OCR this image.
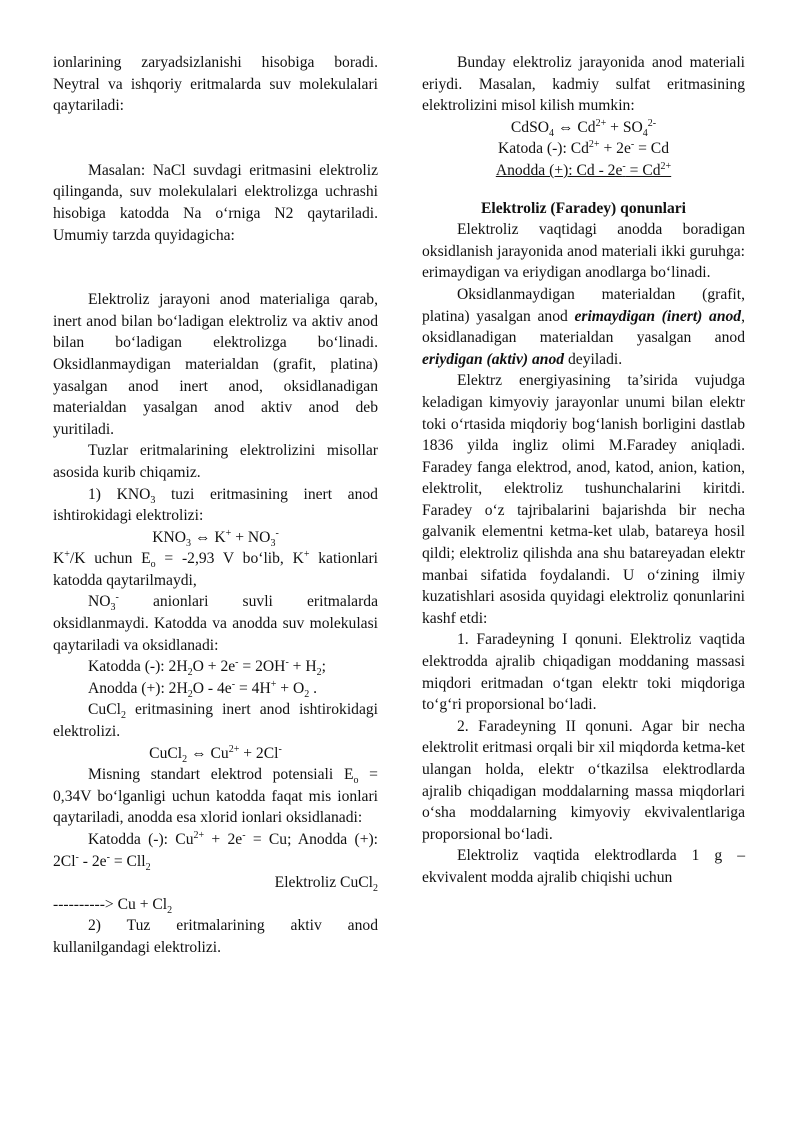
ionlarining zaryadsizlanishi hisobiga boradi. Neytral va ishqoriy eritmalarda suv molekulalari qaytariladi:

Masalan: NaCl suvdagi eritmasini elektroliz qilinganda, suv molekulalari elektrolizga uchrashi hisobiga katodda Na o‘rniga N2 qaytariladi. Umumiy tarzda quyidagicha:

Elektroliz jarayoni anod materialiga qarab, inert anod bilan bo‘ladigan elektroliz va aktiv anod bilan bo‘ladigan elektrolizga bo‘linadi. Oksidlanmaydigan materialdan (grafit, platina) yasalgan anod inert anod, oksidlanadigan materialdan yasalgan anod aktiv anod deb yuritiladi.

Tuzlar eritmalarining elektrolizini misollar asosida kurib chiqamiz.

1) $KNO_3$ tuzi eritmasining inert anod ishtirokidagi elektrolizi:

$KNO_3$ ⇔ $K^+ + NO_3^-$

K+/K uchun $E_o = -2,93$ V bo‘lib, K+ kationlari katodda qaytarilmaydi,

$NO_3^-$ anionlari suvli eritmalarda oksidlanmaydi. Katodda va anodda suv molekulasi qaytariladi va oksidlanadi:

Katodda (-): $2H_2O + 2e^- = 2OH^- + H_2$;

Anodda (+): $2H_2O - 4e^- = 4H^+ + O_2$ .

CuCl$_2$ eritmasining inert anod ishtirokidagi elektrolizi.

CuCl$_2$ ⇔ $Cu^{2+} + 2Cl^-$

Misning standart elektrod potensiali $E_o = 0,34V$ bo‘lganligi uchun katodda faqat mis ionlari qaytariladi, anodda esa xlorid ionlari oksidlanadi:

Katodda (-): $Cu^{2+} + 2e^- = Cu$; Anodda (+): 2Cl- - 2e- = Cll$_2$

Elektroliz CuCl$_2$

----------> $Cu + Cl_2$

2) Tuz eritmalarining aktiv anod kullanilgandagi elektrolizi.

Bunday elektroliz jarayonida anod materiali eriydi. Masalan, kadmiy sulfat eritmasining elektrolizini misol kilish mumkin:

CdSO$_4$ ⇔ $Cd^{2+} + SO_4^{2-}$

Katoda (-): $Cd^{2+} + 2e^- = Cd$

Anodda (+): $Cd - 2e^- = Cd^{2+}$

Elektroliz (Faradey) qonunlari

Elektroliz vaqtidagi anodda boradigan oksidlanish jarayonida anod materiali ikki guruhga: erimaydigan va eriydigan anodlarga bo‘linadi.

Oksidlanmaydigan materialdan (grafit, platina) yasalgan anod erimaydigan (inert) anod, oksidlanadigan materialdan yasalgan anod eriydigan (aktiv) anod deyiladi.

Elektrz energiyasining ta’sirida vujudga keladigan kimyoviy jarayonlar unumi bilan elektr toki o‘rtasida miqdoriy bog‘lanish borligini dastlab 1836 yilda ingliz olimi M.Faradey aniqladi. Faradey fanga elektrod, anod, katod, anion, kation, elektrolit, elektroliz tushunchalarini kiritdi. Faradey o‘z tajribalarini bajarishda bir necha galvanik elementni ketma-ket ulab, batareya hosil qildi; elektroliz qilishda ana shu batareyadan elektr manbai sifatida foydalandi. U o‘zining ilmiy kuzatishlari asosida quyidagi elektroliz qonunlarini kashf etdi:

1. Faradeyning I qonuni. Elektroliz vaqtida elektrodda ajralib chiqadigan moddaning massasi miqdori eritmadan o‘tgan elektr toki miqdoriga to‘g‘ri proporsional bo‘ladi.

2. Faradeyning II qonuni. Agar bir necha elektrolit eritmasi orqali bir xil miqdorda ketma-ket ulangan holda, elektr o‘tkazilsa elektrodlarda ajralib chiqadigan moddalarning massa miqdorlari o‘sha moddalarning kimyoviy ekvivalentlariga proporsional bo‘ladi.

Elektroliz vaqtida elektrodlarda 1 g – ekvivalent modda ajralib chiqishi uchun
